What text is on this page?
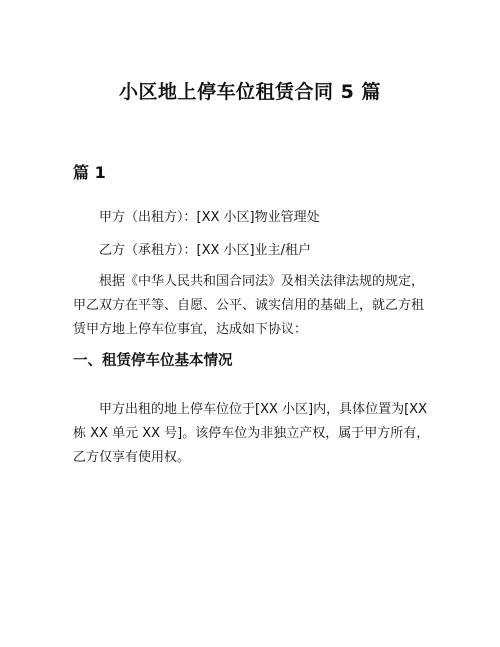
小区地上停车位租赁合同 5 篇
篇 1
甲方（出租方）：[XX 小区]物业管理处
乙方（承租方）：[XX 小区]业主/租户
根据《中华人民共和国合同法》及相关法律法规的规定，甲乙双方在平等、自愿、公平、诚实信用的基础上，就乙方租赁甲方地上停车位事宜，达成如下协议：
一、租赁停车位基本情况
甲方出租的地上停车位位于[XX 小区]内，具体位置为[XX 栋 XX 单元 XX 号]。该停车位为非独立产权，属于甲方所有，乙方仅享有使用权。
